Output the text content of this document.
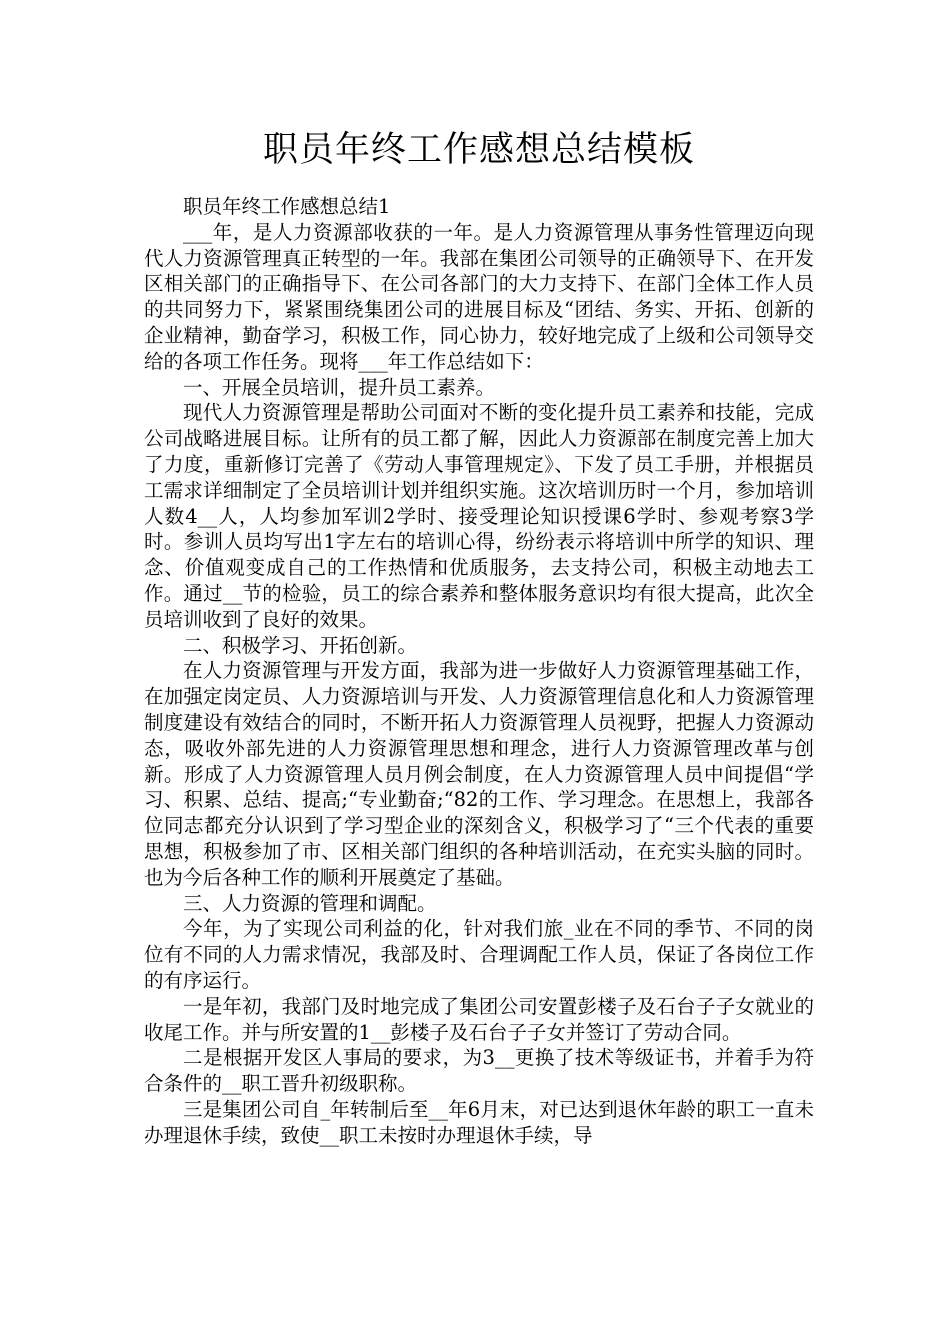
职员年终工作感想总结模板

职员年终工作感想总结1

___年，是人力资源部收获的一年。是人力资源管理从事务性管理迈向现代人力资源管理真正转型的一年。我部在集团公司领导的正确领导下、在开发区相关部门的正确指导下、在公司各部门的大力支持下、在部门全体工作人员的共同努力下，紧紧围绕集团公司的进展目标及“团结、务实、开拓、创新的企业精神，勤奋学习，积极工作，同心协力，较好地完成了上级和公司领导交给的各项工作任务。现将___年工作总结如下：

一、开展全员培训，提升员工素养。

现代人力资源管理是帮助公司面对不断的变化提升员工素养和技能，完成公司战略进展目标。让所有的员工都了解，因此人力资源部在制度完善上加大了力度，重新修订完善了《劳动人事管理规定》、下发了员工手册，并根据员工需求详细制定了全员培训计划并组织实施。这次培训历时一个月，参加培训人数4__人，人均参加军训2学时、接受理论知识授课6学时、参观考察3学时。参训人员均写出1字左右的培训心得，纷纷表示将培训中所学的知识、理念、价值观变成自己的工作热情和优质服务，去支持公司，积极主动地去工作。通过__节的检验，员工的综合素养和整体服务意识均有很大提高，此次全员培训收到了良好的效果。

二、积极学习、开拓创新。

在人力资源管理与开发方面，我部为进一步做好人力资源管理基础工作，在加强定岗定员、人力资源培训与开发、人力资源管理信息化和人力资源管理制度建设有效结合的同时，不断开拓人力资源管理人员视野，把握人力资源动态，吸收外部先进的人力资源管理思想和理念，进行人力资源管理改革与创新。形成了人力资源管理人员月例会制度，在人力资源管理人员中间提倡“学习、积累、总结、提高;“专业勤奋;“82的工作、学习理念。在思想上，我部各位同志都充分认识到了学习型企业的深刻含义，积极学习了“三个代表的重要思想，积极参加了市、区相关部门组织的各种培训活动，在充实头脑的同时。也为今后各种工作的顺利开展奠定了基础。

三、人力资源的管理和调配。

今年，为了实现公司利益的化，针对我们旅_业在不同的季节、不同的岗位有不同的人力需求情况，我部及时、合理调配工作人员，保证了各岗位工作的有序运行。

一是年初，我部门及时地完成了集团公司安置彭楼子及石台子子女就业的收尾工作。并与所安置的1__彭楼子及石台子子女并签订了劳动合同。

二是根据开发区人事局的要求，为3__更换了技术等级证书，并着手为符合条件的__职工晋升初级职称。

三是集团公司自_年转制后至__年6月末，对已达到退休年龄的职工一直未办理退休手续，致使__职工未按时办理退休手续，导
